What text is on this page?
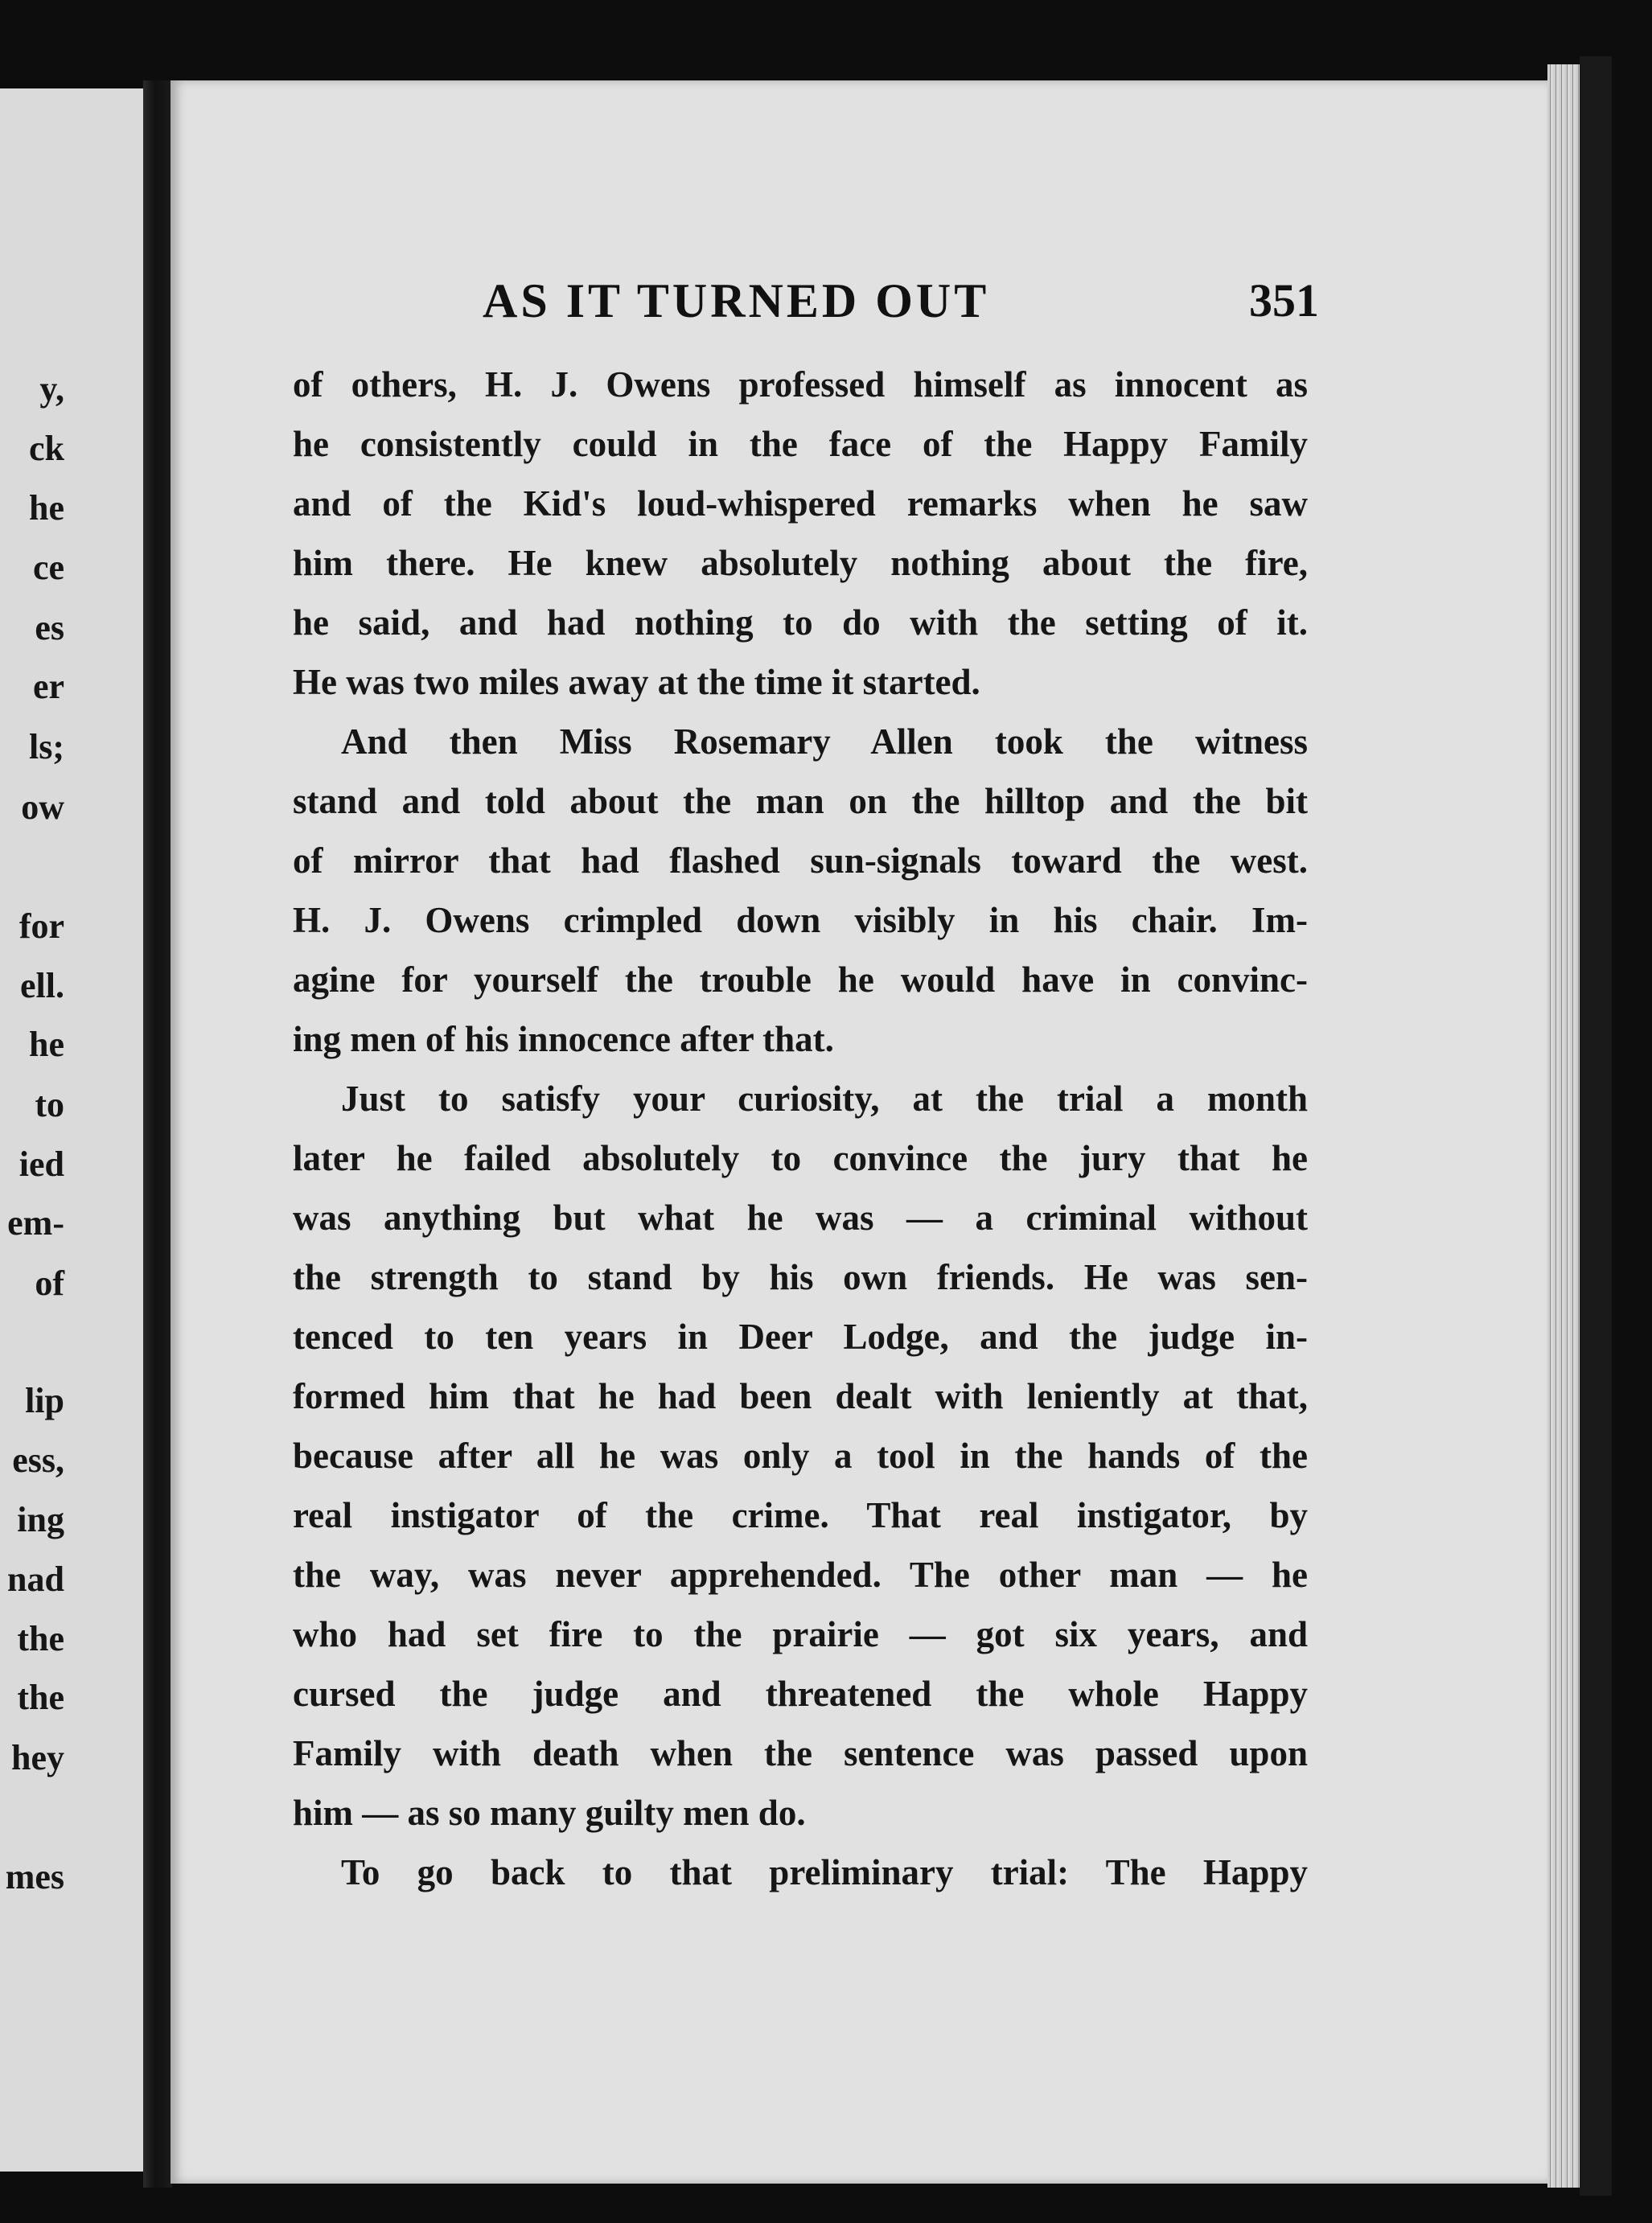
y,
ck
he
ce
es
er
ls;
ow
for
ell.
he
to
ied
em-
of
lip
ess,
ing
nad
the
the
hey
mes
AS IT TURNED OUT	351
of others, H. J. Owens professed himself as innocent as
he consistently could in the face of the Happy Family
and of the Kid's loud-whispered remarks when he saw
him there. He knew absolutely nothing about the fire,
he said, and had nothing to do with the setting of it.
He was two miles away at the time it started.
And then Miss Rosemary Allen took the witness
stand and told about the man on the hilltop and the bit
of mirror that had flashed sun-signals toward the west.
H. J. Owens crimpled down visibly in his chair. Im-
agine for yourself the trouble he would have in convinc-
ing men of his innocence after that.
Just to satisfy your curiosity, at the trial a month
later he failed absolutely to convince the jury that he
was anything but what he was — a criminal without
the strength to stand by his own friends. He was sen-
tenced to ten years in Deer Lodge, and the judge in-
formed him that he had been dealt with leniently at that,
because after all he was only a tool in the hands of the
real instigator of the crime. That real instigator, by
the way, was never apprehended. The other man — he
who had set fire to the prairie — got six years, and
cursed the judge and threatened the whole Happy
Family with death when the sentence was passed upon
him — as so many guilty men do.
To go back to that preliminary trial: The Happy
